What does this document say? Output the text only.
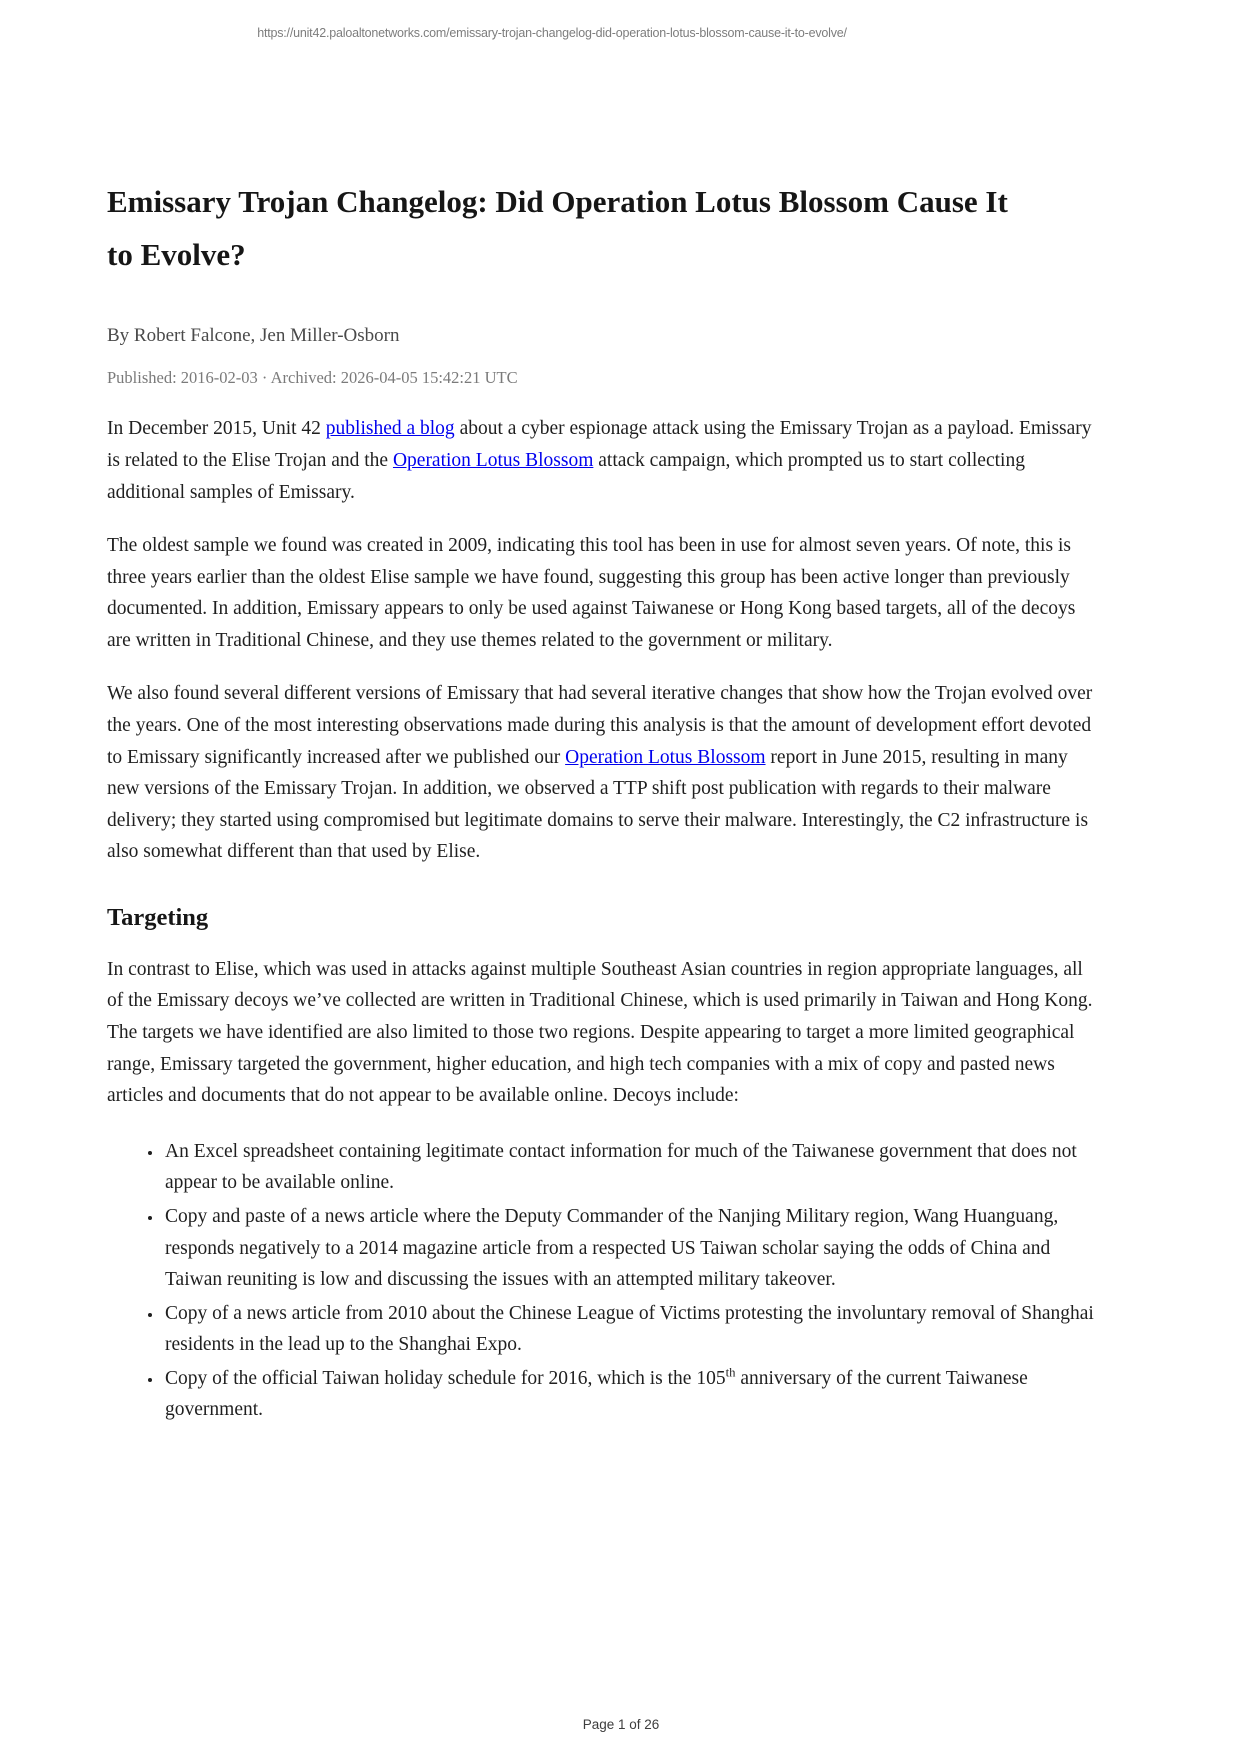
https://unit42.paloaltonetworks.com/emissary-trojan-changelog-did-operation-lotus-blossom-cause-it-to-evolve/
Emissary Trojan Changelog: Did Operation Lotus Blossom Cause It to Evolve?
By Robert Falcone, Jen Miller-Osborn
Published: 2016-02-03 · Archived: 2026-04-05 15:42:21 UTC

In December 2015, Unit 42 published a blog about a cyber espionage attack using the Emissary Trojan as a payload. Emissary is related to the Elise Trojan and the Operation Lotus Blossom attack campaign, which prompted us to start collecting additional samples of Emissary.

The oldest sample we found was created in 2009, indicating this tool has been in use for almost seven years. Of note, this is three years earlier than the oldest Elise sample we have found, suggesting this group has been active longer than previously documented. In addition, Emissary appears to only be used against Taiwanese or Hong Kong based targets, all of the decoys are written in Traditional Chinese, and they use themes related to the government or military.

We also found several different versions of Emissary that had several iterative changes that show how the Trojan evolved over the years. One of the most interesting observations made during this analysis is that the amount of development effort devoted to Emissary significantly increased after we published our Operation Lotus Blossom report in June 2015, resulting in many new versions of the Emissary Trojan. In addition, we observed a TTP shift post publication with regards to their malware delivery; they started using compromised but legitimate domains to serve their malware. Interestingly, the C2 infrastructure is also somewhat different than that used by Elise.

Targeting

In contrast to Elise, which was used in attacks against multiple Southeast Asian countries in region appropriate languages, all of the Emissary decoys we’ve collected are written in Traditional Chinese, which is used primarily in Taiwan and Hong Kong. The targets we have identified are also limited to those two regions. Despite appearing to target a more limited geographical range, Emissary targeted the government, higher education, and high tech companies with a mix of copy and pasted news articles and documents that do not appear to be available online. Decoys include:

• An Excel spreadsheet containing legitimate contact information for much of the Taiwanese government that does not appear to be available online.
• Copy and paste of a news article where the Deputy Commander of the Nanjing Military region, Wang Huanguang, responds negatively to a 2014 magazine article from a respected US Taiwan scholar saying the odds of China and Taiwan reuniting is low and discussing the issues with an attempted military takeover.
• Copy of a news article from 2010 about the Chinese League of Victims protesting the involuntary removal of Shanghai residents in the lead up to the Shanghai Expo.
• Copy of the official Taiwan holiday schedule for 2016, which is the 105th anniversary of the current Taiwanese government.
Page 1 of 26
